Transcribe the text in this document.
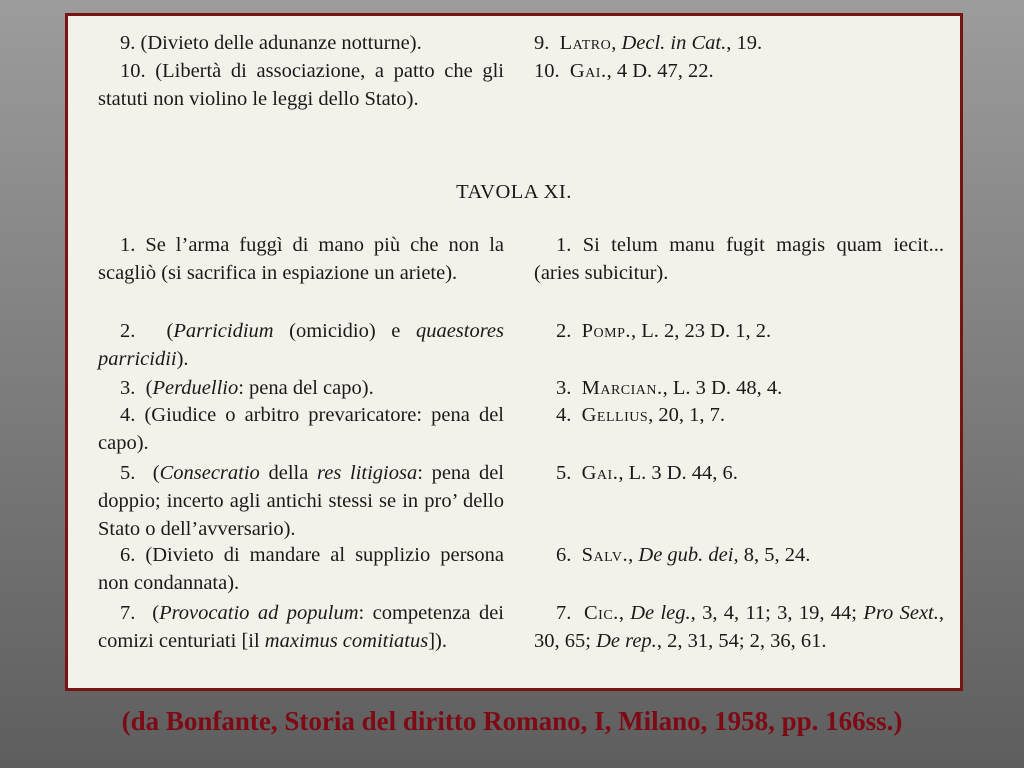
9. (Divieto delle adunanze notturne).
10. (Libertà di associazione, a patto che gli statuti non violino le leggi dello Stato).
9. Latro, Decl. in Cat., 19.
10. Gai., 4 D. 47, 22.
TAVOLA XI.
1. Se l’arma fuggì di mano più che non la scagliò (si sacrifica in espiazione un ariete).
1. Si telum manu fugit magis quam iecit... (aries subicitur).
2.  (Parricidium (omicidio) e quaestores parricidii).
2. Pomp., L. 2, 23 D. 1, 2.
3.  (Perduellio: pena del capo).	3. Marcian., L. 3 D. 48, 4.
4. (Giudice o arbitro prevaricatore: pena del capo).
4. Gellius, 20, 1, 7.
5.  (Consecratio della res litigiosa: pena del doppio; incerto agli antichi stessi se in pro’ dello Stato o dell’avversario).
5. Gai., L. 3 D. 44, 6.
6. (Divieto di mandare al supplizio persona non condannata).
6. Salv., De gub. dei, 8, 5, 24.
7.  (Provocatio ad populum: competenza dei comizi centuriati [il maximus comitiatus]).
7. Cic., De leg., 3, 4, 11; 3, 19, 44; Pro Sext., 30, 65; De rep., 2, 31, 54; 2, 36, 61.
(da Bonfante, Storia del diritto Romano, I, Milano, 1958, pp. 166ss.)
